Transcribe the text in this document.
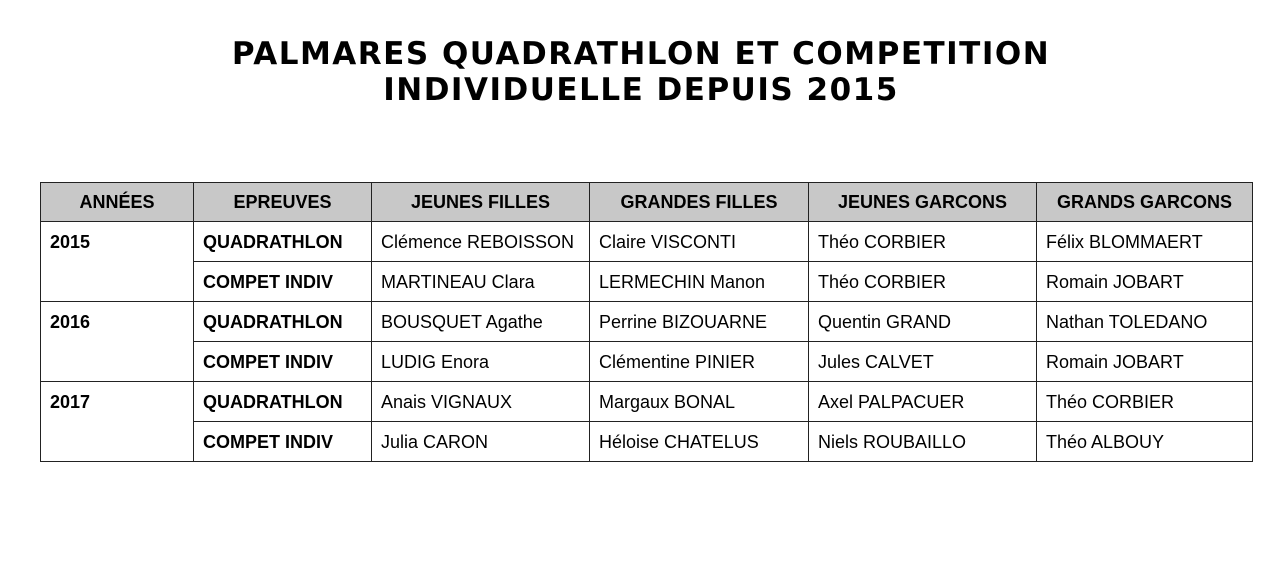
PALMARES QUADRATHLON ET COMPETITION
INDIVIDUELLE DEPUIS 2015
ANNÉES	EPREUVES	JEUNES FILLES	GRANDES FILLES	JEUNES GARCONS	GRANDS GARCONS
2015	QUADRATHLON	Clémence REBOISSON	Claire VISCONTI	Théo CORBIER	Félix BLOMMAERT
	COMPET INDIV	MARTINEAU Clara	LERMECHIN Manon	Théo CORBIER	Romain JOBART
2016	QUADRATHLON	BOUSQUET Agathe	Perrine BIZOUARNE	Quentin GRAND	Nathan TOLEDANO
	COMPET INDIV	LUDIG Enora	Clémentine PINIER	Jules CALVET	Romain JOBART
2017	QUADRATHLON	Anais VIGNAUX	Margaux BONAL	Axel PALPACUER	Théo CORBIER
	COMPET INDIV	Julia CARON	Héloise CHATELUS	Niels ROUBAILLO	Théo ALBOUY
